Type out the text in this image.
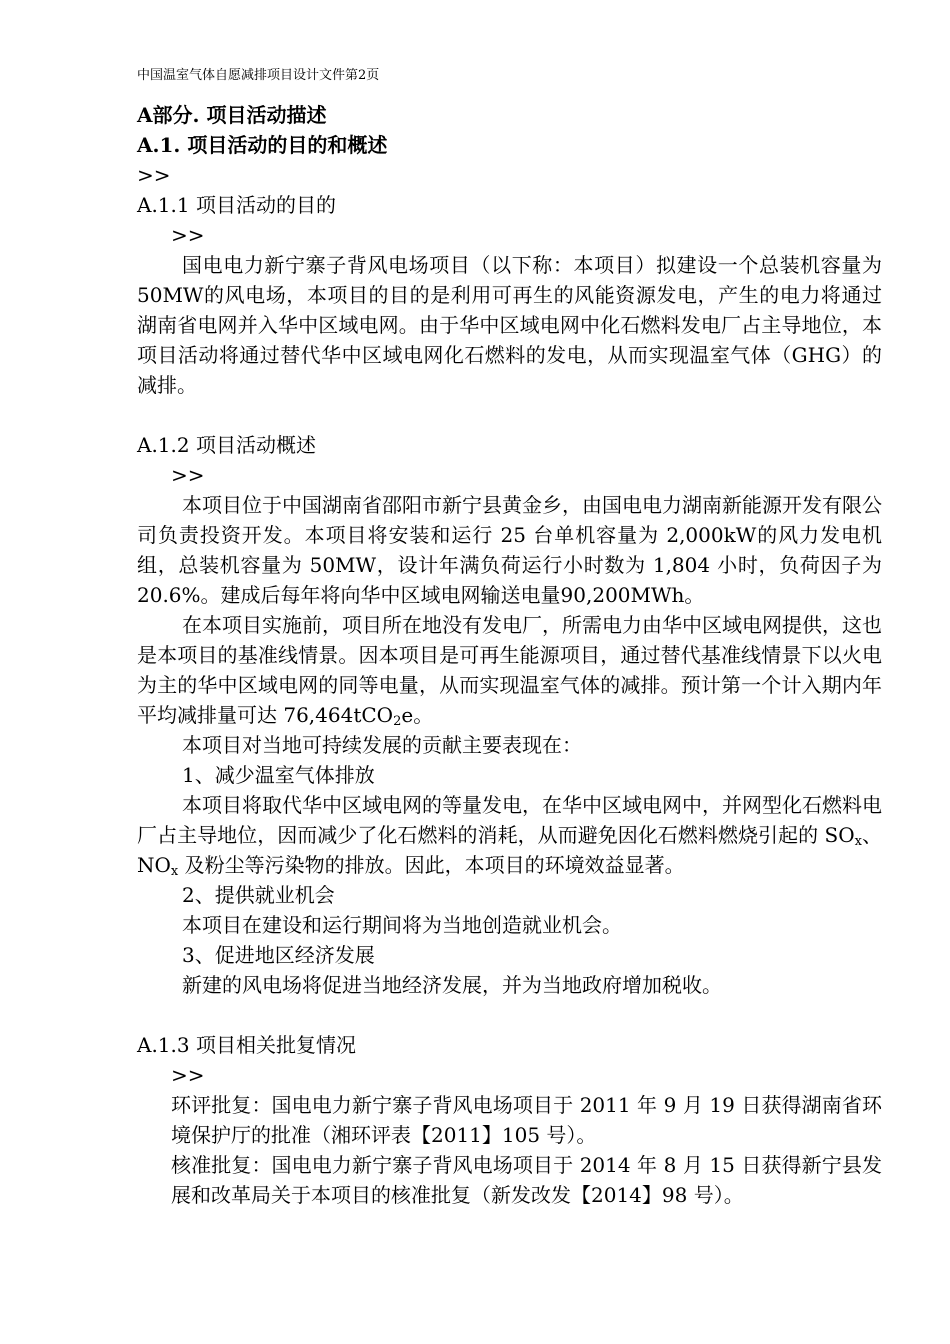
中国温室气体自愿减排项目设计文件第2页
A部分. 项目活动描述
A.1. 项目活动的目的和概述
>>
A.1.1 项目活动的目的
>>

国电电力新宁寨子背风电场项目（以下称：本项目）拟建设一个总装机容量为50MW的风电场，本项目的目的是利用可再生的风能资源发电，产生的电力将通过湖南省电网并入华中区域电网。由于华中区域电网中化石燃料发电厂占主导地位，本项目活动将通过替代华中区域电网化石燃料的发电，从而实现温室气体（GHG）的减排。

A.1.2 项目活动概述
>>

本项目位于中国湖南省邵阳市新宁县黄金乡，由国电电力湖南新能源开发有限公司负责投资开发。本项目将安装和运行 25 台单机容量为 2,000kW的风力发电机组，总装机容量为 50MW，设计年满负荷运行小时数为 1,804 小时，负荷因子为 20.6%。建成后每年将向华中区域电网输送电量90,200MWh。

在本项目实施前，项目所在地没有发电厂，所需电力由华中区域电网提供，这也是本项目的基准线情景。因本项目是可再生能源项目，通过替代基准线情景下以火电为主的华中区域电网的同等电量，从而实现温室气体的减排。预计第一个计入期内年平均减排量可达 76,464tCO$_2$e。

本项目对当地可持续发展的贡献主要表现在：
1、减少温室气体排放

本项目将取代华中区域电网的等量发电，在华中区域电网中，并网型化石燃料电厂占主导地位，因而减少了化石燃料的消耗，从而避免因化石燃料燃烧引起的 $SO_x$、$NO_x$ 及粉尘等污染物的排放。因此，本项目的环境效益显著。

2、提供就业机会
本项目在建设和运行期间将为当地创造就业机会。
3、促进地区经济发展
新建的风电场将促进当地经济发展，并为当地政府增加税收。
A.1.3 项目相关批复情况
>>

环评批复：国电电力新宁寨子背风电场项目于 2011 年 9 月 19 日获得湖南省环境保护厅的批准（湘环评表【2011】105 号）。

核准批复：国电电力新宁寨子背风电场项目于 2014 年 8 月 15 日获得新宁县发展和改革局关于本项目的核准批复（新发改发【2014】98 号）。
